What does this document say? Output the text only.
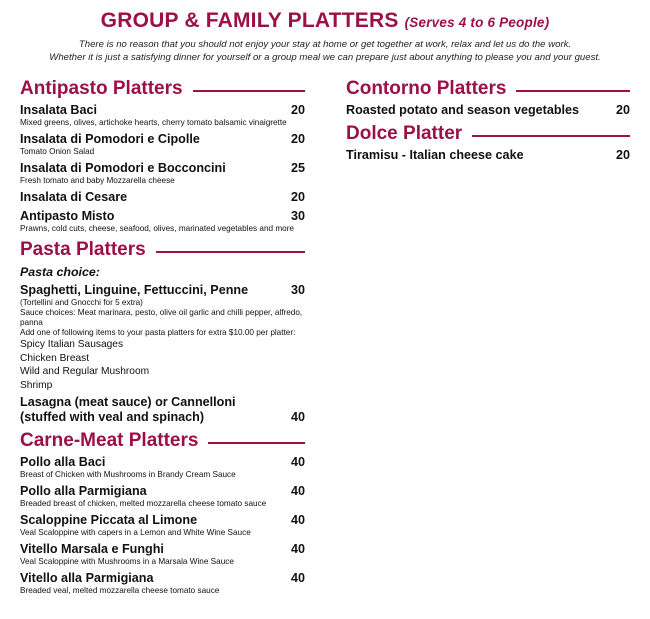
GROUP & FAMILY PLATTERS (Serves 4 to 6 People)
There is no reason that you should not enjoy your stay at home or get together at work, relax and let us do the work.
Whether it is just a satisfying dinner for yourself or a group meal we can prepare just about anything to please you and your guest.
Antipasto Platters
Insalata Baci	20
Mixed greens, olives, artichoke hearts, cherry tomato balsamic vinaigrette
Insalata di Pomodori e Cipolle	20
Tomato Onion Salad
Insalata di Pomodori e Bocconcini	25
Fresh tomato and baby Mozzarella cheese
Insalata di Cesare	20
Antipasto Misto	30
Prawns, cold cuts, cheese, seafood, olives, marinated vegetables and more
Pasta Platters
Pasta choice:
Spaghetti, Linguine, Fettuccini, Penne	30
(Tortellini and Gnocchi for 5 extra)
Sauce choices: Meat marinara, pesto, olive oil garlic and chilli pepper, alfredo, panna
Add one of following items to your pasta platters for extra $10.00 per platter:
Spicy Italian Sausages
Chicken Breast
Wild and Regular Mushroom
Shrimp
Lasagna (meat sauce) or Cannelloni
(stuffed with veal and spinach)	40
Carne-Meat Platters
Pollo alla Baci	40
Breast of Chicken with Mushrooms in Brandy Cream Sauce
Pollo alla Parmigiana	40
Breaded breast of chicken, melted mozzarella cheese tomato sauce
Scaloppine Piccata al Limone	40
Veal Scaloppine with capers in a Lemon and White Wine Sauce
Vitello Marsala e Funghi	40
Veal Scaloppine with Mushrooms in a Marsala Wine Sauce
Vitello alla Parmigiana	40
Breaded veal, melted mozzarella cheese tomato sauce
Contorno Platters
Roasted potato and season vegetables	20
Dolce Platter
Tiramisu - Italian cheese cake	20
